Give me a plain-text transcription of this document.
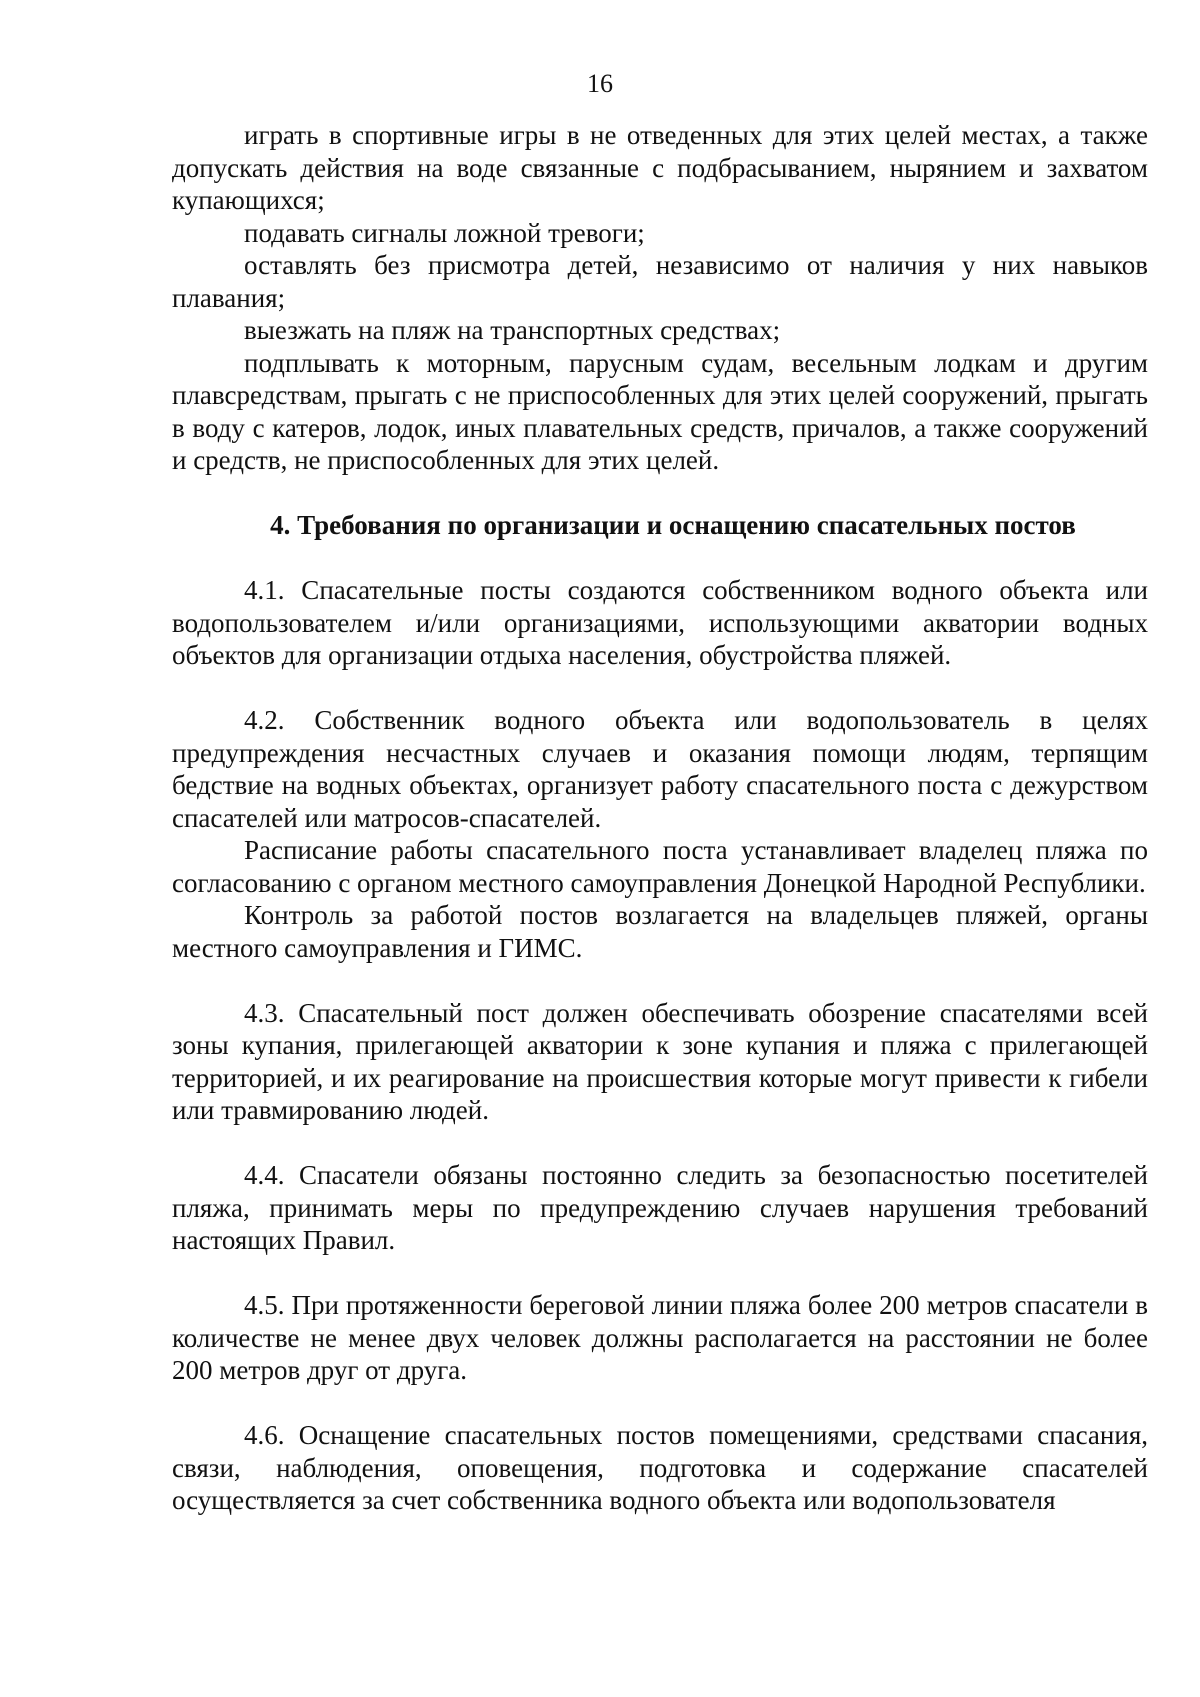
16

играть в спортивные игры в не отведенных для этих целей местах, а также допускать действия на воде связанные с подбрасыванием, нырянием и захватом купающихся;

подавать сигналы ложной тревоги;

оставлять без присмотра детей, независимо от наличия у них навыков плавания;

выезжать на пляж на транспортных средствах;

подплывать к моторным, парусным судам, весельным лодкам и другим плавсредствам, прыгать с не приспособленных для этих целей сооружений, прыгать в воду с катеров, лодок, иных плавательных средств, причалов, а также сооружений и средств, не приспособленных для этих целей.

4. Требования по организации и оснащению спасательных постов

4.1. Спасательные посты создаются собственником водного объекта или водопользователем и/или организациями, использующими акватории водных объектов для организации отдыха населения, обустройства пляжей.

4.2. Собственник водного объекта или водопользователь в целях предупреждения несчастных случаев и оказания помощи людям, терпящим бедствие на водных объектах, организует работу спасательного поста с дежурством спасателей или матросов-спасателей.

Расписание работы спасательного поста устанавливает владелец пляжа по согласованию с органом местного самоуправления Донецкой Народной Республики.

Контроль за работой постов возлагается на владельцев пляжей, органы местного самоуправления и ГИМС.

4.3. Спасательный пост должен обеспечивать обозрение спасателями всей зоны купания, прилегающей акватории к зоне купания и пляжа с прилегающей территорией, и их реагирование на происшествия которые могут привести к гибели или травмированию людей.

4.4. Спасатели обязаны постоянно следить за безопасностью посетителей пляжа, принимать меры по предупреждению случаев нарушения требований настоящих Правил.

4.5. При протяженности береговой линии пляжа более 200 метров спасатели в количестве не менее двух человек должны располагается на расстоянии не более 200 метров друг от друга.

4.6. Оснащение спасательных постов помещениями, средствами спасания, связи, наблюдения, оповещения, подготовка и содержание спасателей осуществляется за счет собственника водного объекта или водопользователя
